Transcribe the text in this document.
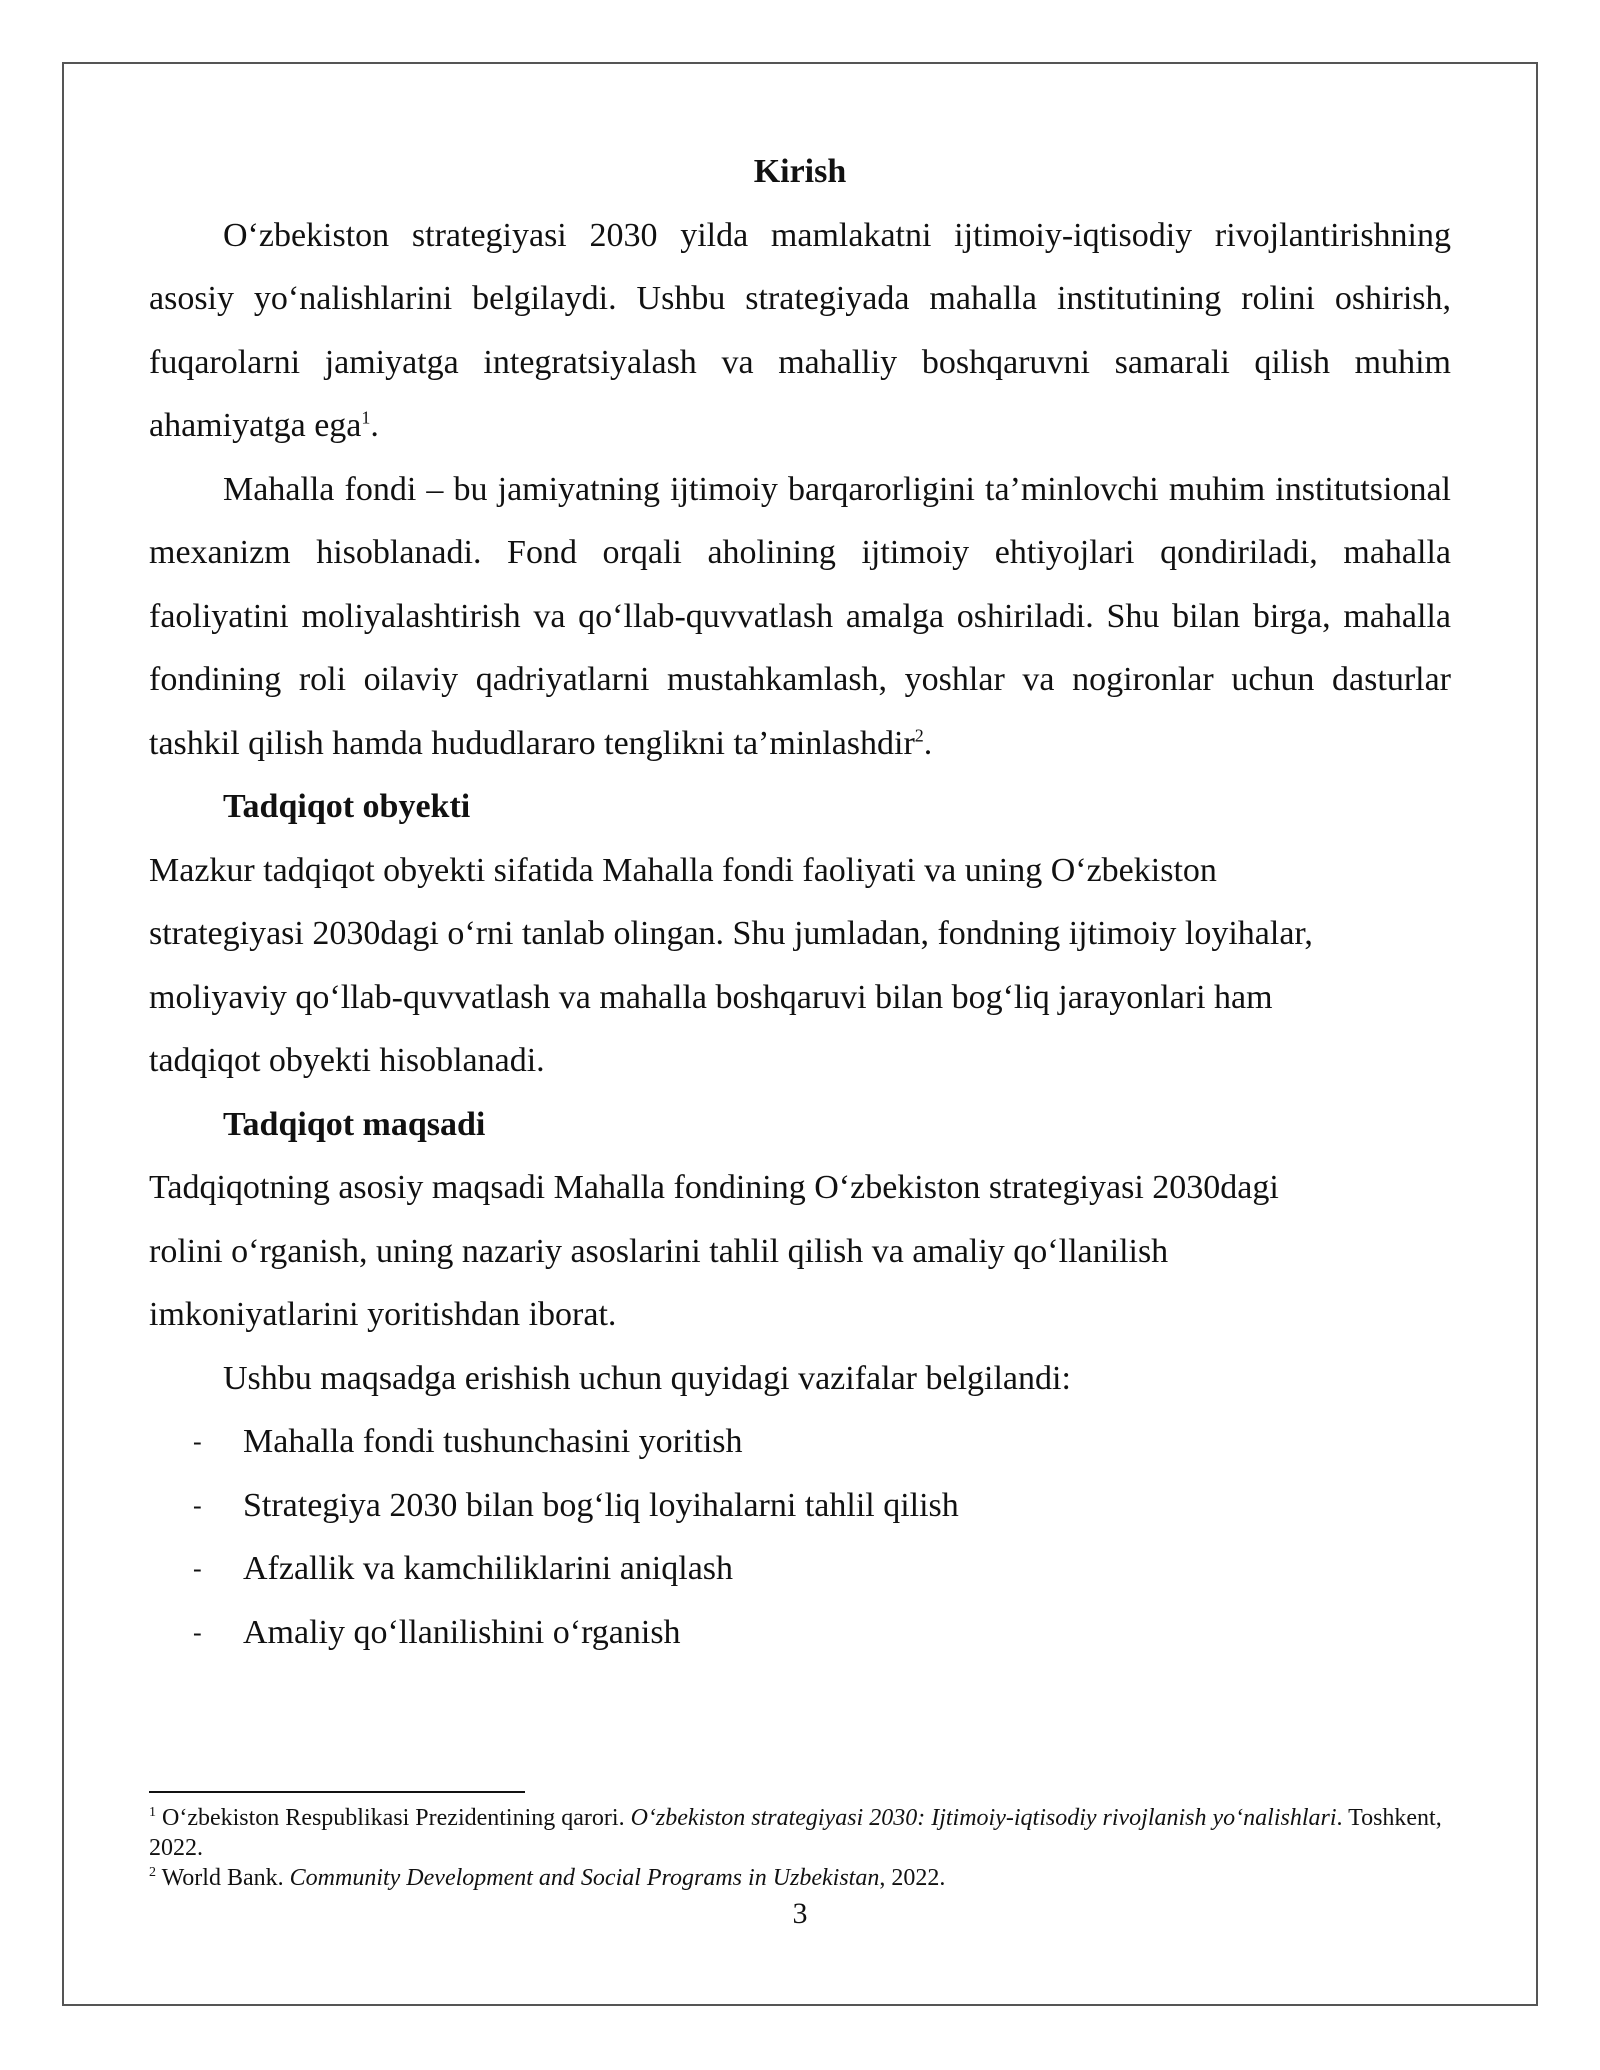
Kirish

O‘zbekiston strategiyasi 2030 yilda mamlakatni ijtimoiy-iqtisodiy rivojlantirishning asosiy yo‘nalishlarini belgilaydi. Ushbu strategiyada mahalla institutining rolini oshirish, fuqarolarni jamiyatga integratsiyalash va mahalliy boshqaruvni samarali qilish muhim ahamiyatga ega$^1$.

Mahalla fondi – bu jamiyatning ijtimoiy barqarorligini ta’minlovchi muhim institutsional mexanizm hisoblanadi. Fond orqali aholining ijtimoiy ehtiyojlari qondiriladi, mahalla faoliyatini moliyalashtirish va qo‘llab-quvvatlash amalga oshiriladi. Shu bilan birga, mahalla fondining roli oilaviy qadriyatlarni mustahkamlash, yoshlar va nogironlar uchun dasturlar tashkil qilish hamda hududlararo tenglikni ta’minlashdir$^2$.

Tadqiqot obyekti

Mazkur tadqiqot obyekti sifatida Mahalla fondi faoliyati va uning O‘zbekiston

strategiyasi 2030dagi o‘rni tanlab olingan. Shu jumladan, fondning ijtimoiy loyihalar,

moliyaviy qo‘llab-quvvatlash va mahalla boshqaruvi bilan bog‘liq jarayonlari ham

tadqiqot obyekti hisoblanadi.

Tadqiqot maqsadi

Tadqiqotning asosiy maqsadi Mahalla fondining O‘zbekiston strategiyasi 2030dagi

rolini o‘rganish, uning nazariy asoslarini tahlil qilish va amaliy qo‘llanilish

imkoniyatlarini yoritishdan iborat.

Ushbu maqsadga erishish uchun quyidagi vazifalar belgilandi:

- Mahalla fondi tushunchasini yoritish
- Strategiya 2030 bilan bog‘liq loyihalarni tahlil qilish
- Afzallik va kamchiliklarini aniqlash
- Amaliy qo‘llanilishini o‘rganish

$^1$ O‘zbekiston Respublikasi Prezidentining qarori. O‘zbekiston strategiyasi 2030: Ijtimoiy-iqtisodiy rivojlanish yo‘nalishlari. Toshkent, 2022.

$^2$ World Bank. Community Development and Social Programs in Uzbekistan, 2022.

3
